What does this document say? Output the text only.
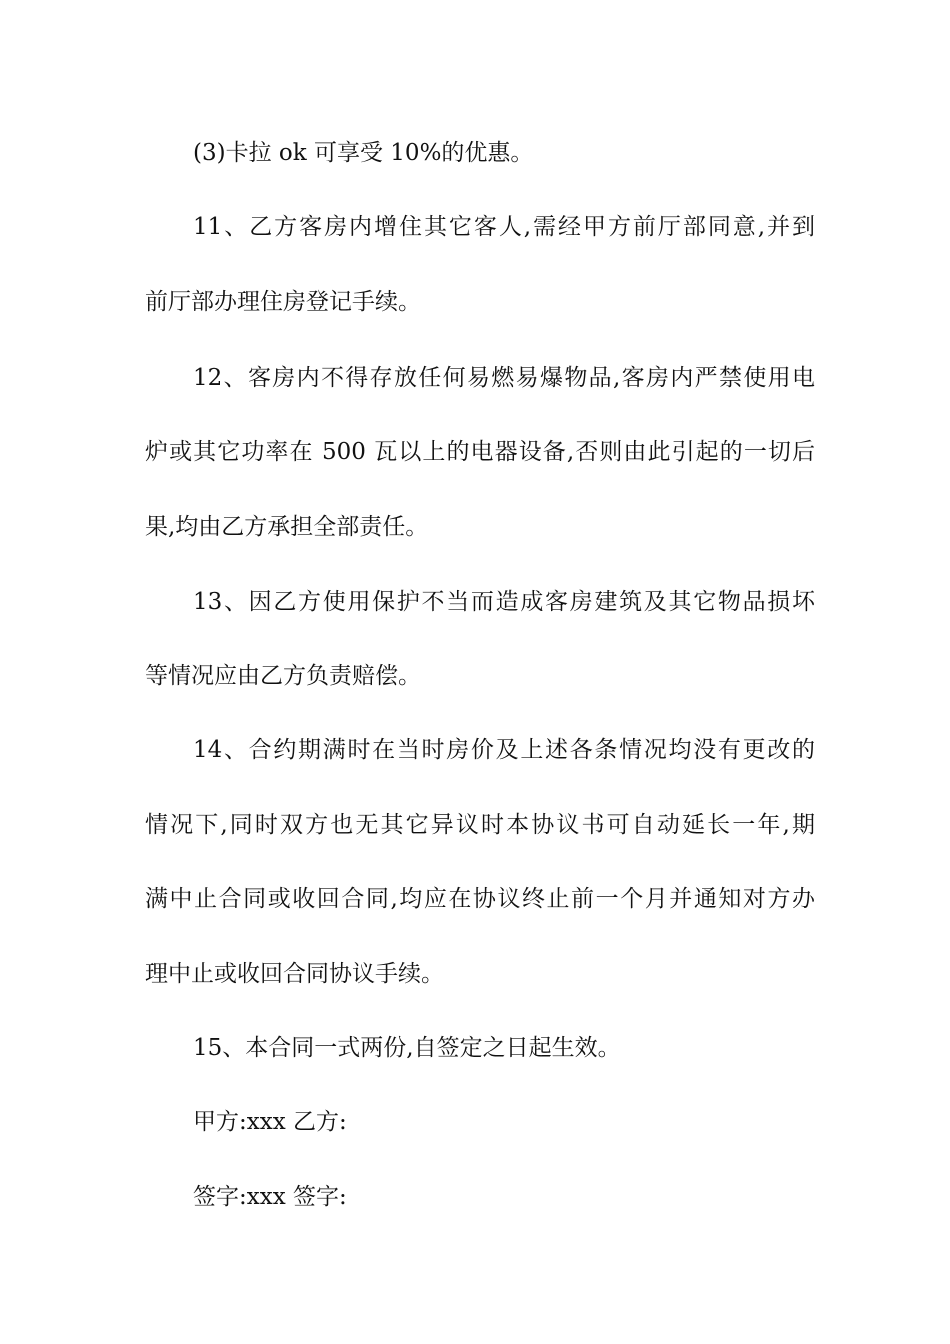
(3)卡拉 ok 可享受 10%的优惠。
11、乙方客房内增住其它客人,需经甲方前厅部同意,并到
前厅部办理住房登记手续。
12、客房内不得存放任何易燃易爆物品,客房内严禁使用电
炉或其它功率在 500 瓦以上的电器设备,否则由此引起的一切后
果,均由乙方承担全部责任。
13、因乙方使用保护不当而造成客房建筑及其它物品损坏
等情况应由乙方负责赔偿。
14、合约期满时在当时房价及上述各条情况均没有更改的
情况下,同时双方也无其它异议时本协议书可自动延长一年,期
满中止合同或收回合同,均应在协议终止前一个月并通知对方办
理中止或收回合同协议手续。
15、本合同一式两份,自签定之日起生效。
甲方:xxx 乙方:
签字:xxx 签字:
